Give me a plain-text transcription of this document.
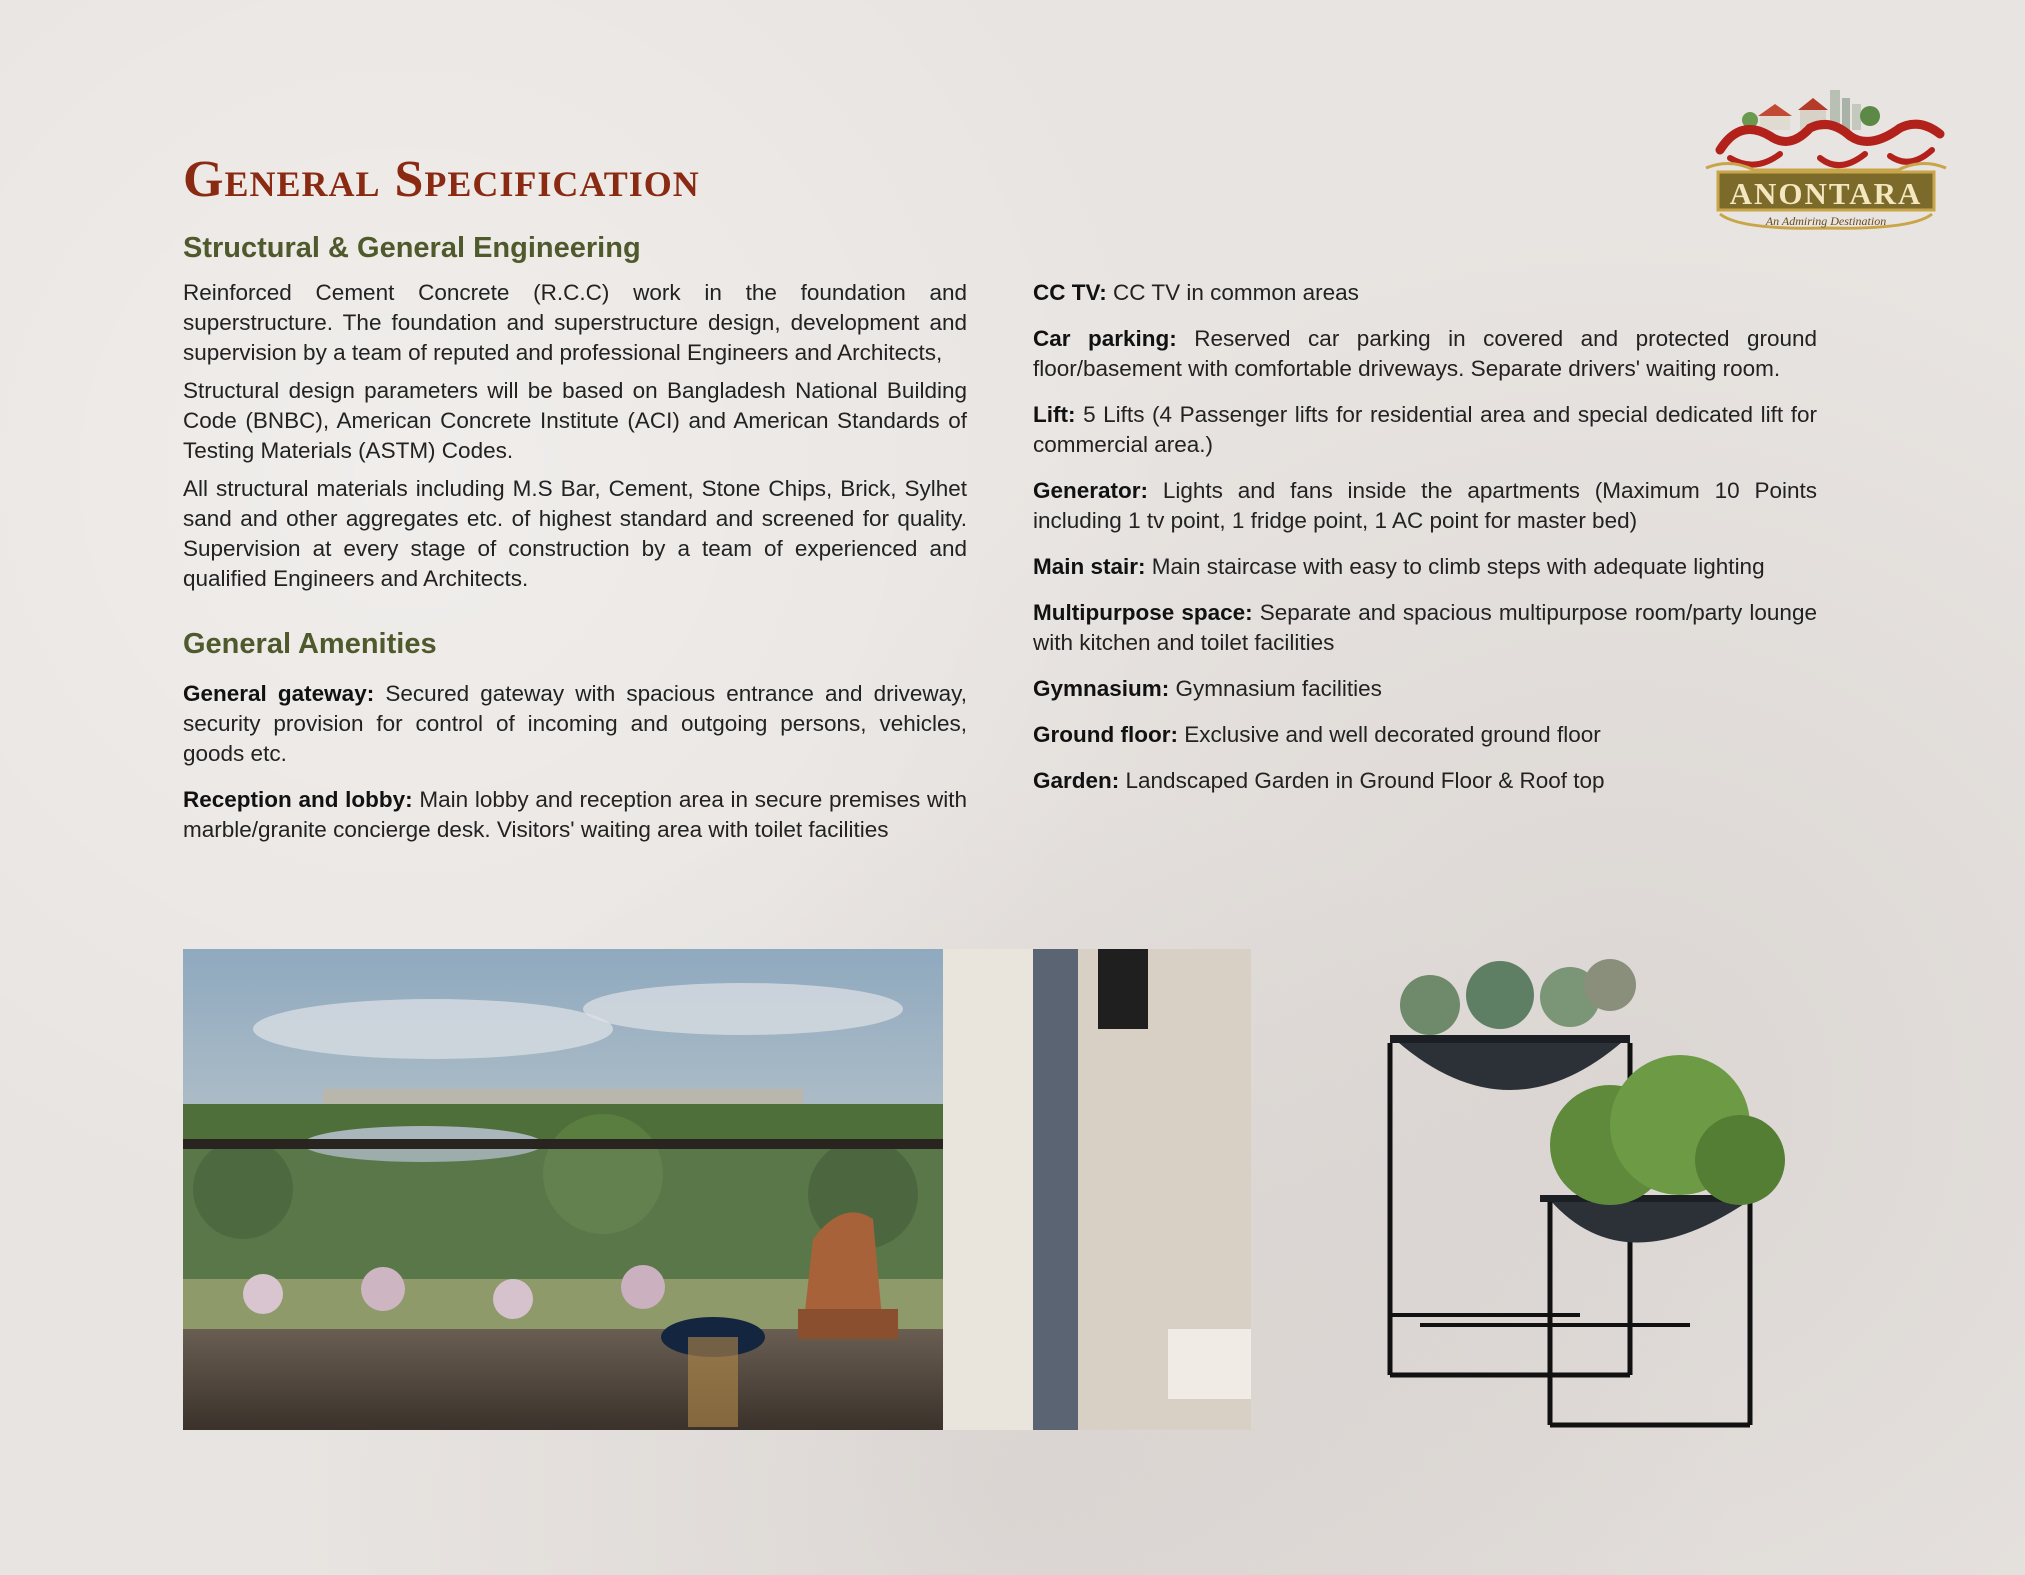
General Specification	ANONTARA
An Admiring Destination
Structural & General Engineering

Reinforced Cement Concrete (R.C.C) work in the foundation and superstructure. The foundation and superstructure design, development and supervision by a team of reputed and professional Engineers and Architects,

Structural design parameters will be based on Bangladesh National Building Code (BNBC), American Concrete Institute (ACI) and American Standards of Testing Materials (ASTM) Codes.

All structural materials including M.S Bar, Cement, Stone Chips, Brick, Sylhet sand and other aggregates etc. of highest standard and screened for quality. Supervision at every stage of construction by a team of experienced and qualified Engineers and Architects.

General Amenities

General gateway: Secured gateway with spacious entrance and driveway, security provision for control of incoming and outgoing persons, vehicles, goods etc.

Reception and lobby: Main lobby and reception area in secure premises with marble/granite concierge desk. Visitors' waiting area with toilet facilities

CC TV: CC TV in common areas

Car parking: Reserved car parking in covered and protected ground floor/basement with comfortable driveways. Separate drivers' waiting room.

Lift: 5 Lifts (4 Passenger lifts for residential area and special dedicated lift for commercial area.)

Generator: Lights and fans inside the apartments (Maximum 10 Points including 1 tv point, 1 fridge point, 1 AC point for master bed)

Main stair: Main staircase with easy to climb steps with adequate lighting

Multipurpose space: Separate and spacious multipurpose room/party lounge with kitchen and toilet facilities

Gymnasium: Gymnasium facilities

Ground floor: Exclusive and well decorated ground floor

Garden: Landscaped Garden in Ground Floor & Roof top
